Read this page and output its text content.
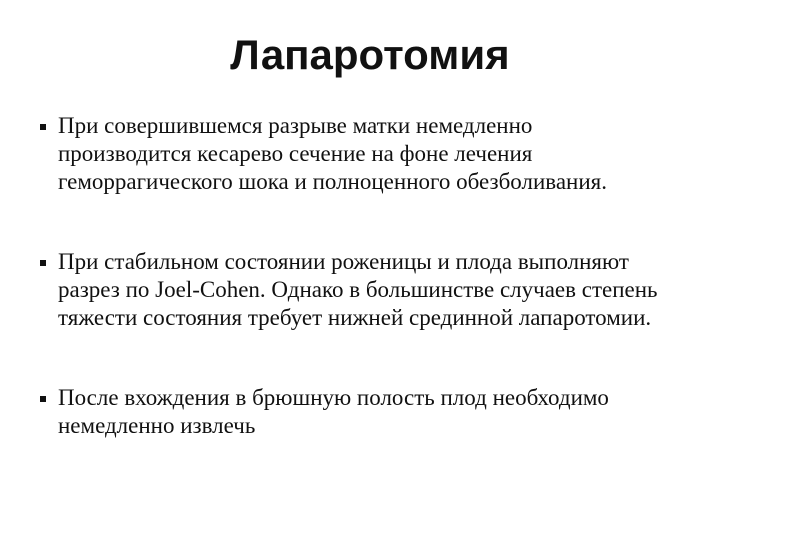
Лапаротомия
При совершившемся разрыве матки немедленно
производится кесарево сечение на фоне лечения
геморрагического шока и полноценного обезболивания.
При стабильном состоянии роженицы и плода выполняют
разрез по Joel-Cohen. Однако в большинстве случаев степень
тяжести состояния требует нижней срединной лапаротомии.
После вхождения в брюшную полость плод необходимо
немедленно извлечь
